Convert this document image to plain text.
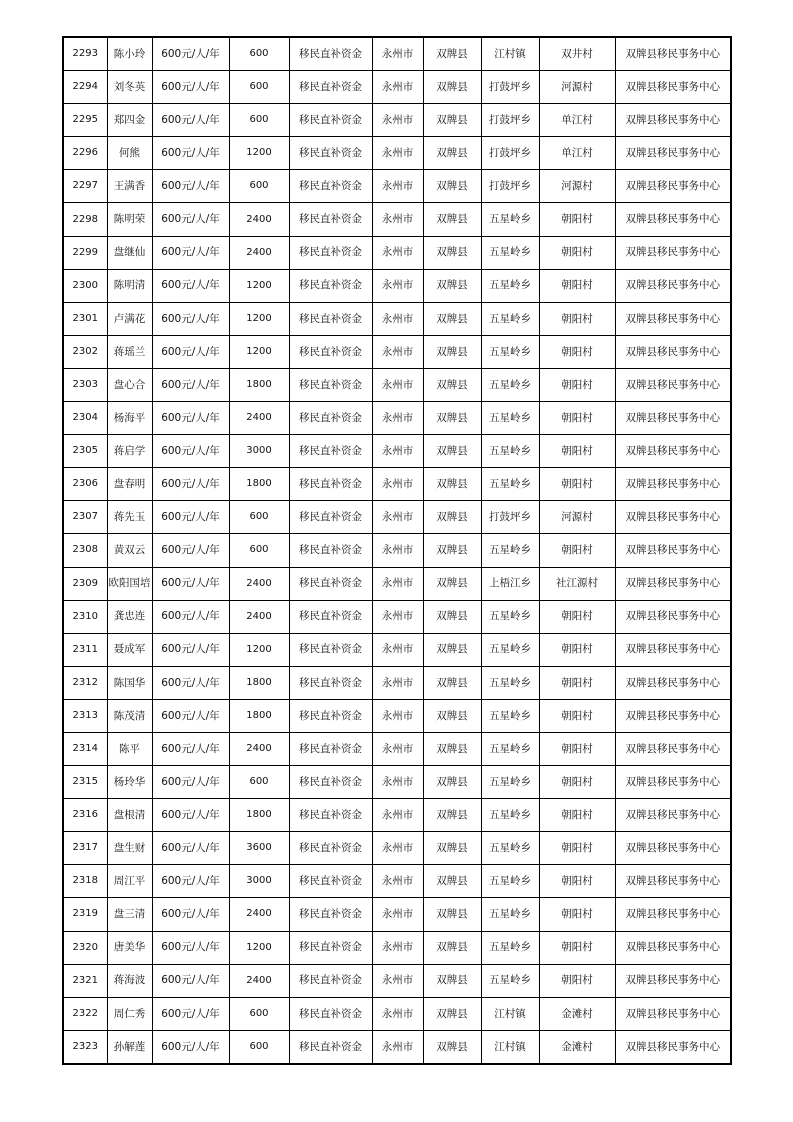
2293	陈小玲	600元/人/年	600	移民直补资金	永州市	双牌县	江村镇	双井村	双牌县移民事务中心
2294	刘冬英	600元/人/年	600	移民直补资金	永州市	双牌县	打鼓坪乡	河源村	双牌县移民事务中心
2295	郑四金	600元/人/年	600	移民直补资金	永州市	双牌县	打鼓坪乡	单江村	双牌县移民事务中心
2296	何熊	600元/人/年	1200	移民直补资金	永州市	双牌县	打鼓坪乡	单江村	双牌县移民事务中心
2297	王满香	600元/人/年	600	移民直补资金	永州市	双牌县	打鼓坪乡	河源村	双牌县移民事务中心
2298	陈明荣	600元/人/年	2400	移民直补资金	永州市	双牌县	五星岭乡	朝阳村	双牌县移民事务中心
2299	盘继仙	600元/人/年	2400	移民直补资金	永州市	双牌县	五星岭乡	朝阳村	双牌县移民事务中心
2300	陈明清	600元/人/年	1200	移民直补资金	永州市	双牌县	五星岭乡	朝阳村	双牌县移民事务中心
2301	卢满花	600元/人/年	1200	移民直补资金	永州市	双牌县	五星岭乡	朝阳村	双牌县移民事务中心
2302	蒋瑶兰	600元/人/年	1200	移民直补资金	永州市	双牌县	五星岭乡	朝阳村	双牌县移民事务中心
2303	盘心合	600元/人/年	1800	移民直补资金	永州市	双牌县	五星岭乡	朝阳村	双牌县移民事务中心
2304	杨海平	600元/人/年	2400	移民直补资金	永州市	双牌县	五星岭乡	朝阳村	双牌县移民事务中心
2305	蒋启学	600元/人/年	3000	移民直补资金	永州市	双牌县	五星岭乡	朝阳村	双牌县移民事务中心
2306	盘春明	600元/人/年	1800	移民直补资金	永州市	双牌县	五星岭乡	朝阳村	双牌县移民事务中心
2307	蒋先玉	600元/人/年	600	移民直补资金	永州市	双牌县	打鼓坪乡	河源村	双牌县移民事务中心
2308	黄双云	600元/人/年	600	移民直补资金	永州市	双牌县	五星岭乡	朝阳村	双牌县移民事务中心
2309	欧阳国培	600元/人/年	2400	移民直补资金	永州市	双牌县	上梧江乡	社江源村	双牌县移民事务中心
2310	龚忠连	600元/人/年	2400	移民直补资金	永州市	双牌县	五星岭乡	朝阳村	双牌县移民事务中心
2311	聂成军	600元/人/年	1200	移民直补资金	永州市	双牌县	五星岭乡	朝阳村	双牌县移民事务中心
2312	陈国华	600元/人/年	1800	移民直补资金	永州市	双牌县	五星岭乡	朝阳村	双牌县移民事务中心
2313	陈茂清	600元/人/年	1800	移民直补资金	永州市	双牌县	五星岭乡	朝阳村	双牌县移民事务中心
2314	陈平	600元/人/年	2400	移民直补资金	永州市	双牌县	五星岭乡	朝阳村	双牌县移民事务中心
2315	杨玲华	600元/人/年	600	移民直补资金	永州市	双牌县	五星岭乡	朝阳村	双牌县移民事务中心
2316	盘根清	600元/人/年	1800	移民直补资金	永州市	双牌县	五星岭乡	朝阳村	双牌县移民事务中心
2317	盘生财	600元/人/年	3600	移民直补资金	永州市	双牌县	五星岭乡	朝阳村	双牌县移民事务中心
2318	周江平	600元/人/年	3000	移民直补资金	永州市	双牌县	五星岭乡	朝阳村	双牌县移民事务中心
2319	盘三清	600元/人/年	2400	移民直补资金	永州市	双牌县	五星岭乡	朝阳村	双牌县移民事务中心
2320	唐美华	600元/人/年	1200	移民直补资金	永州市	双牌县	五星岭乡	朝阳村	双牌县移民事务中心
2321	蒋海波	600元/人/年	2400	移民直补资金	永州市	双牌县	五星岭乡	朝阳村	双牌县移民事务中心
2322	周仁秀	600元/人/年	600	移民直补资金	永州市	双牌县	江村镇	金滩村	双牌县移民事务中心
2323	孙解莲	600元/人/年	600	移民直补资金	永州市	双牌县	江村镇	金滩村	双牌县移民事务中心
